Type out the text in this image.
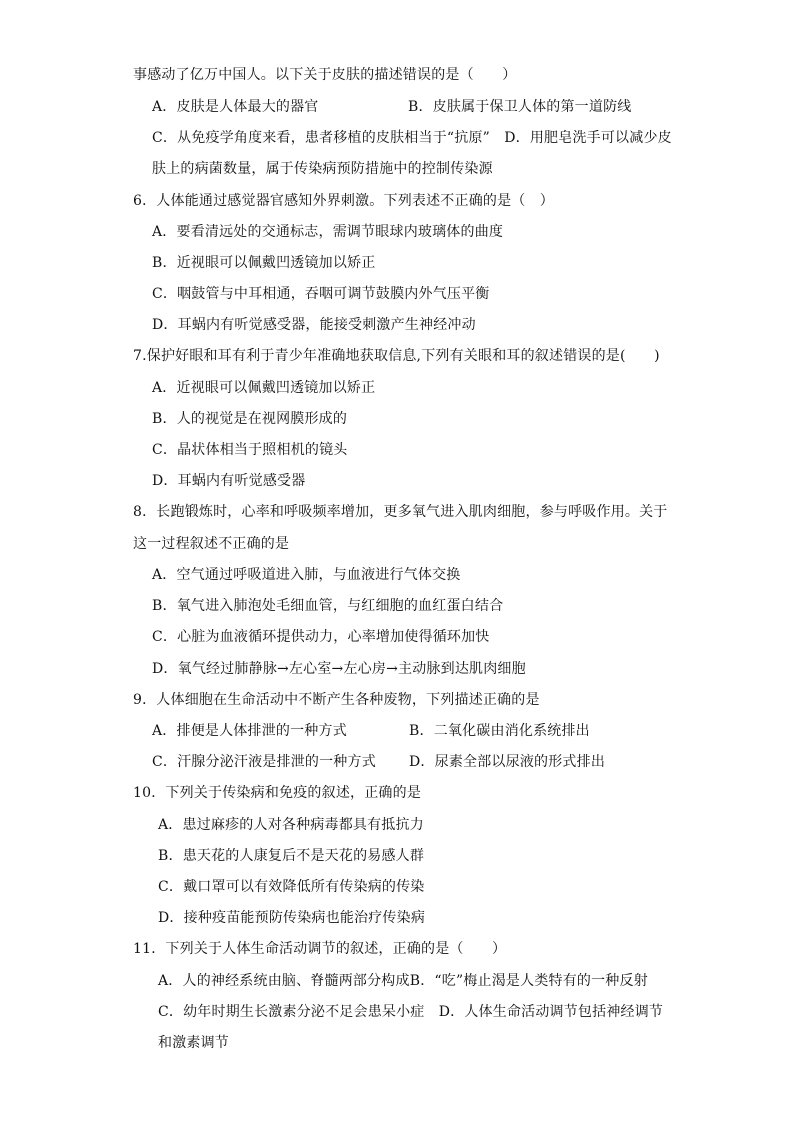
事感动了亿万中国人。以下关于皮肤的描述错误的是（　　）
A．皮肤是人体最大的器官	B．皮肤属于保卫人体的第一道防线
C．从免疫学角度来看，患者移植的皮肤相当于“抗原”　D．用肥皂洗手可以减少皮
肤上的病菌数量，属于传染病预防措施中的控制传染源
6．人体能通过感觉器官感知外界刺激。下列表述不正确的是（　）
A．要看清远处的交通标志，需调节眼球内玻璃体的曲度
B．近视眼可以佩戴凹透镜加以矫正
C．咽鼓管与中耳相通，吞咽可调节鼓膜内外气压平衡
D．耳蜗内有听觉感受器，能接受刺激产生神经冲动
7.保护好眼和耳有利于青少年准确地获取信息,下列有关眼和耳的叙述错误的是(　　)
A．近视眼可以佩戴凹透镜加以矫正
B．人的视觉是在视网膜形成的
C．晶状体相当于照相机的镜头
D．耳蜗内有听觉感受器
8．长跑锻炼时，心率和呼吸频率增加，更多氧气进入肌肉细胞，参与呼吸作用。关于
这一过程叙述不正确的是
A．空气通过呼吸道进入肺，与血液进行气体交换
B．氧气进入肺泡处毛细血管，与红细胞的血红蛋白结合
C．心脏为血液循环提供动力，心率增加使得循环加快
D．氧气经过肺静脉→左心室→左心房→主动脉到达肌肉细胞
9．人体细胞在生命活动中不断产生各种废物，下列描述正确的是
A．排便是人体排泄的一种方式	B．二氧化碳由消化系统排出
C．汗腺分泌汗液是排泄的一种方式 D．尿素全部以尿液的形式排出
10．下列关于传染病和免疫的叙述，正确的是
A．患过麻疹的人对各种病毒都具有抵抗力
B．患天花的人康复后不是天花的易感人群
C．戴口罩可以有效降低所有传染病的传染
D．接种疫苗能预防传染病也能治疗传染病
11．下列关于人体生命活动调节的叙述，正确的是（　　）
A．人的神经系统由脑、脊髓两部分构成B．“吃”梅止渴是人类特有的一种反射
C．幼年时期生长激素分泌不足会患呆小症　D．人体生命活动调节包括神经调节
和激素调节
